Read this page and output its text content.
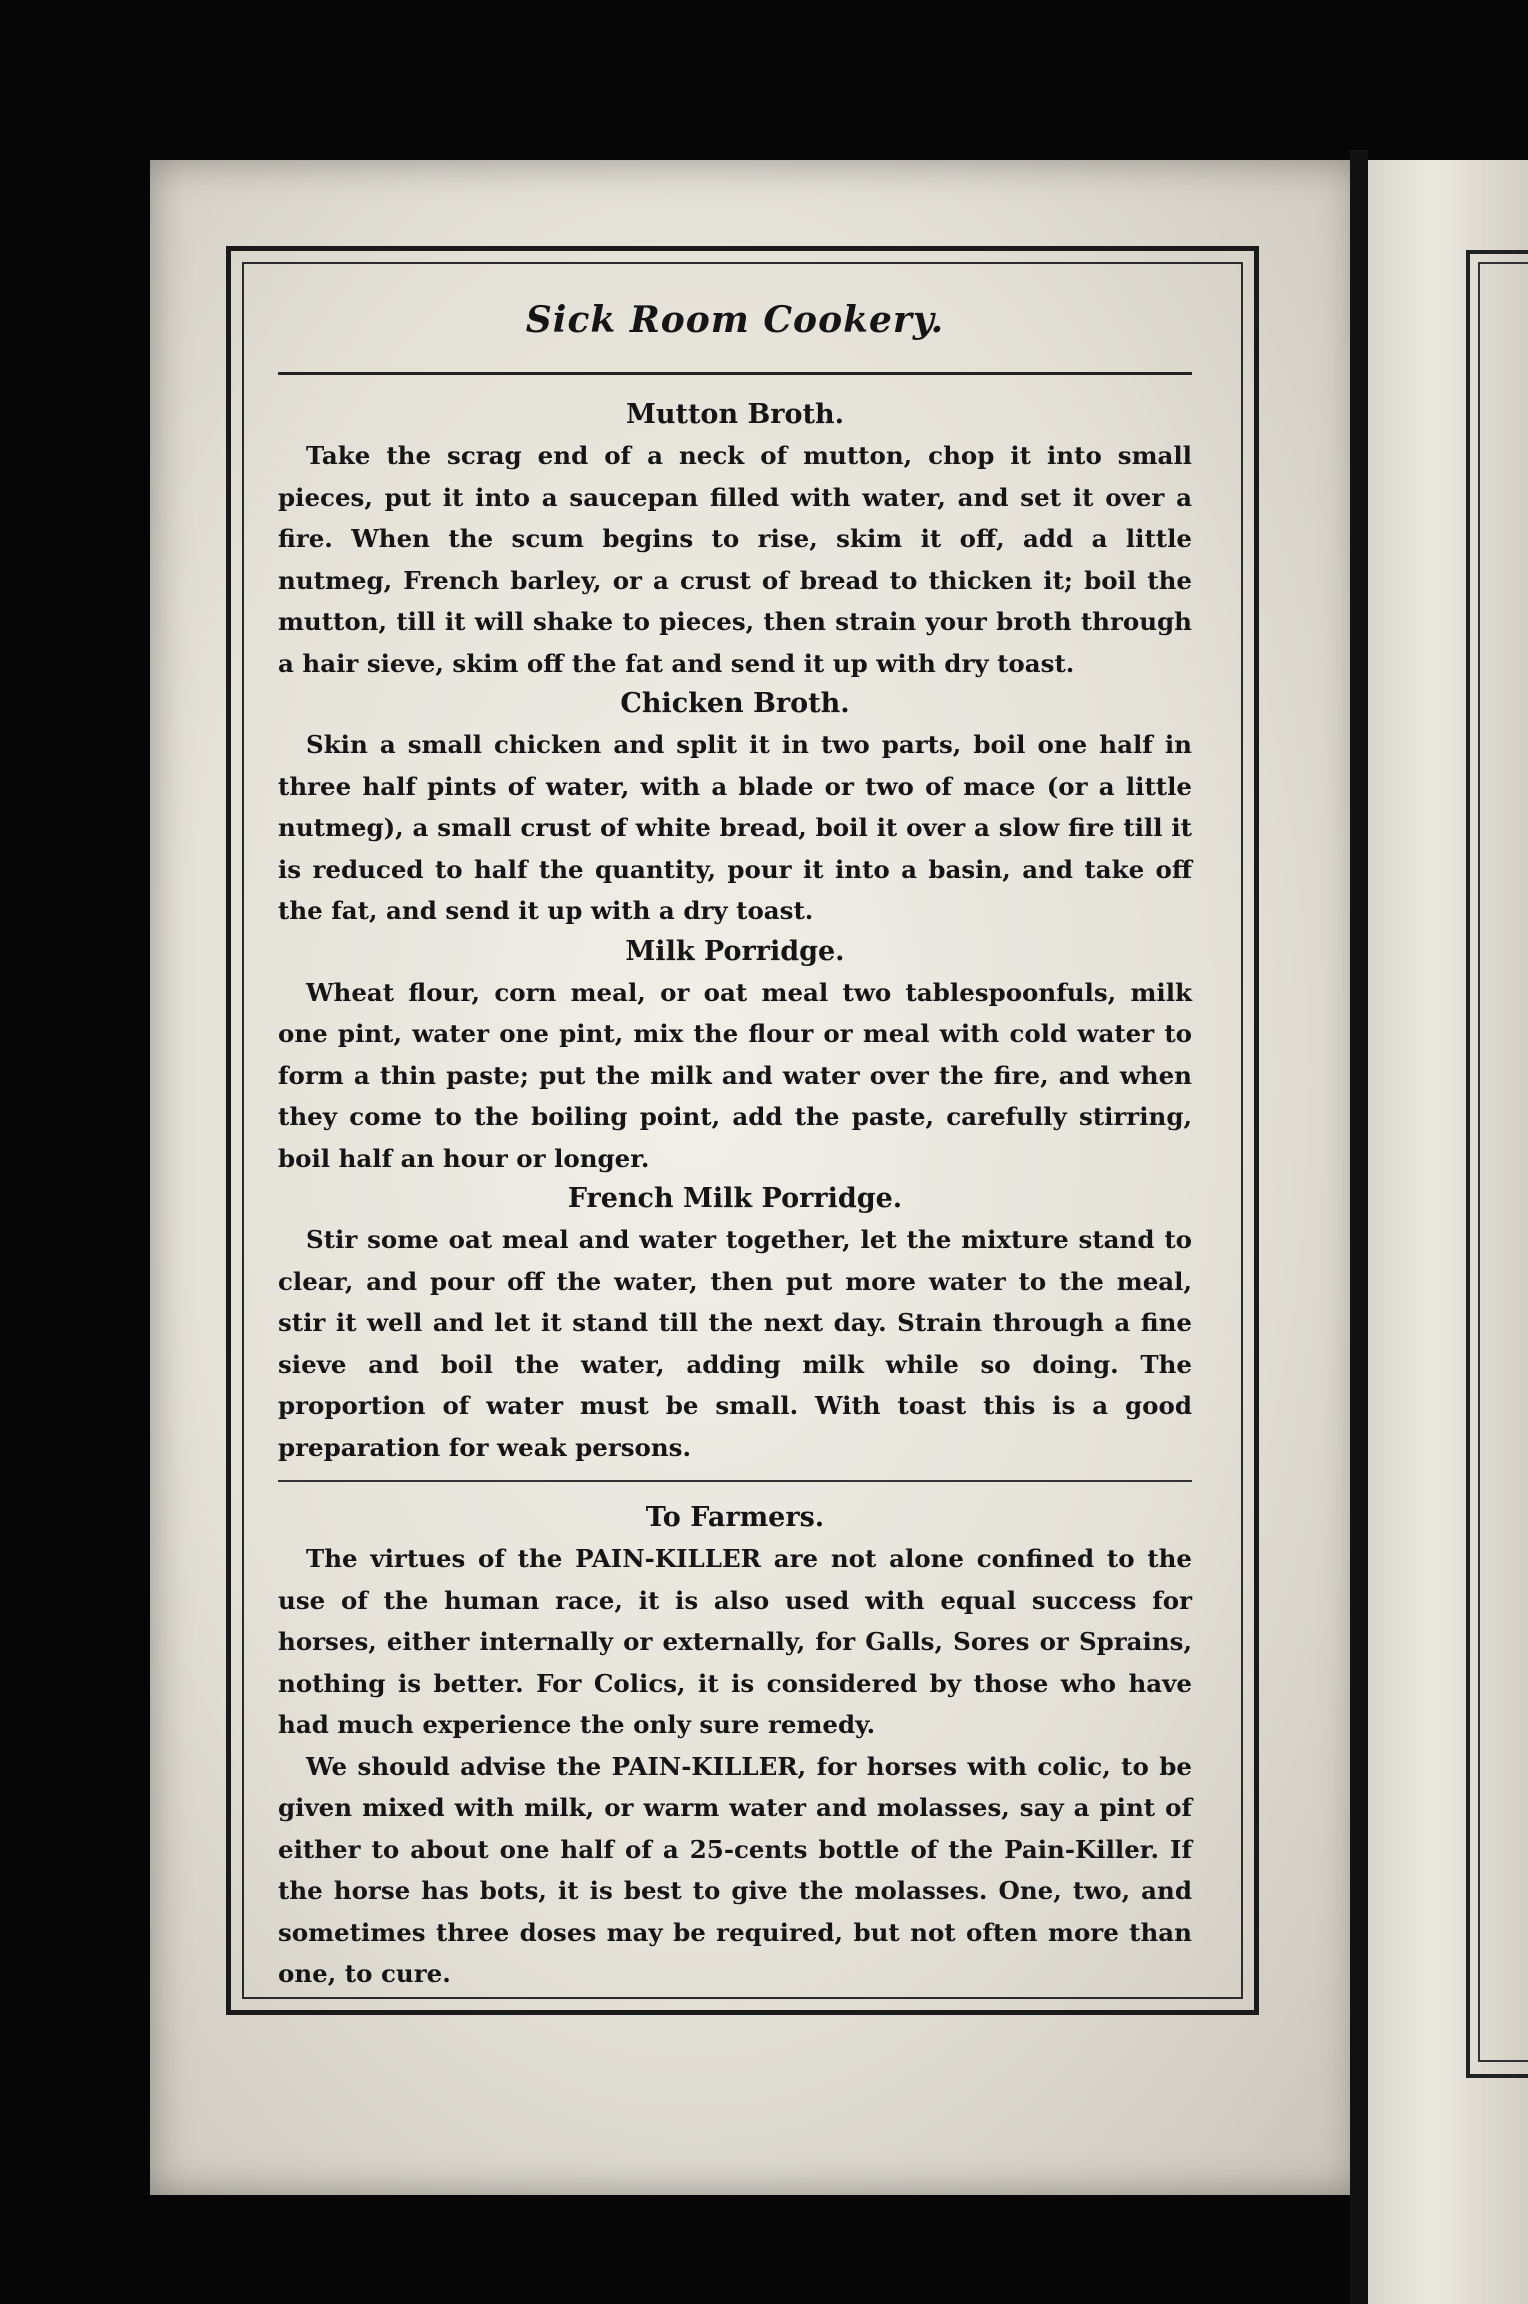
Sick Room Cookery.
Mutton Broth.

Take the scrag end of a neck of mutton, chop it into small pieces, put it into a saucepan filled with water, and set it over a fire. When the scum begins to rise, skim it off, add a little nutmeg, French barley, or a crust of bread to thicken it; boil the mutton, till it will shake to pieces, then strain your broth through a hair sieve, skim off the fat and send it up with dry toast.

Chicken Broth.

Skin a small chicken and split it in two parts, boil one half in three half pints of water, with a blade or two of mace (or a little nutmeg), a small crust of white bread, boil it over a slow fire till it is reduced to half the quantity, pour it into a basin, and take off the fat, and send it up with a dry toast.

Milk Porridge.

Wheat flour, corn meal, or oat meal two tablespoonfuls, milk one pint, water one pint, mix the flour or meal with cold water to form a thin paste; put the milk and water over the fire, and when they come to the boiling point, add the paste, carefully stirring, boil half an hour or longer.

French Milk Porridge.

Stir some oat meal and water together, let the mixture stand to clear, and pour off the water, then put more water to the meal, stir it well and let it stand till the next day. Strain through a fine sieve and boil the water, adding milk while so doing. The proportion of water must be small. With toast this is a good preparation for weak persons.

To Farmers.

The virtues of the PAIN-KILLER are not alone confined to the use of the human race, it is also used with equal success for horses, either internally or externally, for Galls, Sores or Sprains, nothing is better. For Colics, it is considered by those who have had much experience the only sure remedy.

We should advise the PAIN-KILLER, for horses with colic, to be given mixed with milk, or warm water and molasses, say a pint of either to about one half of a 25-cents bottle of the Pain-Killer. If the horse has bots, it is best to give the molasses. One, two, and sometimes three doses may be required, but not often more than one, to cure.
